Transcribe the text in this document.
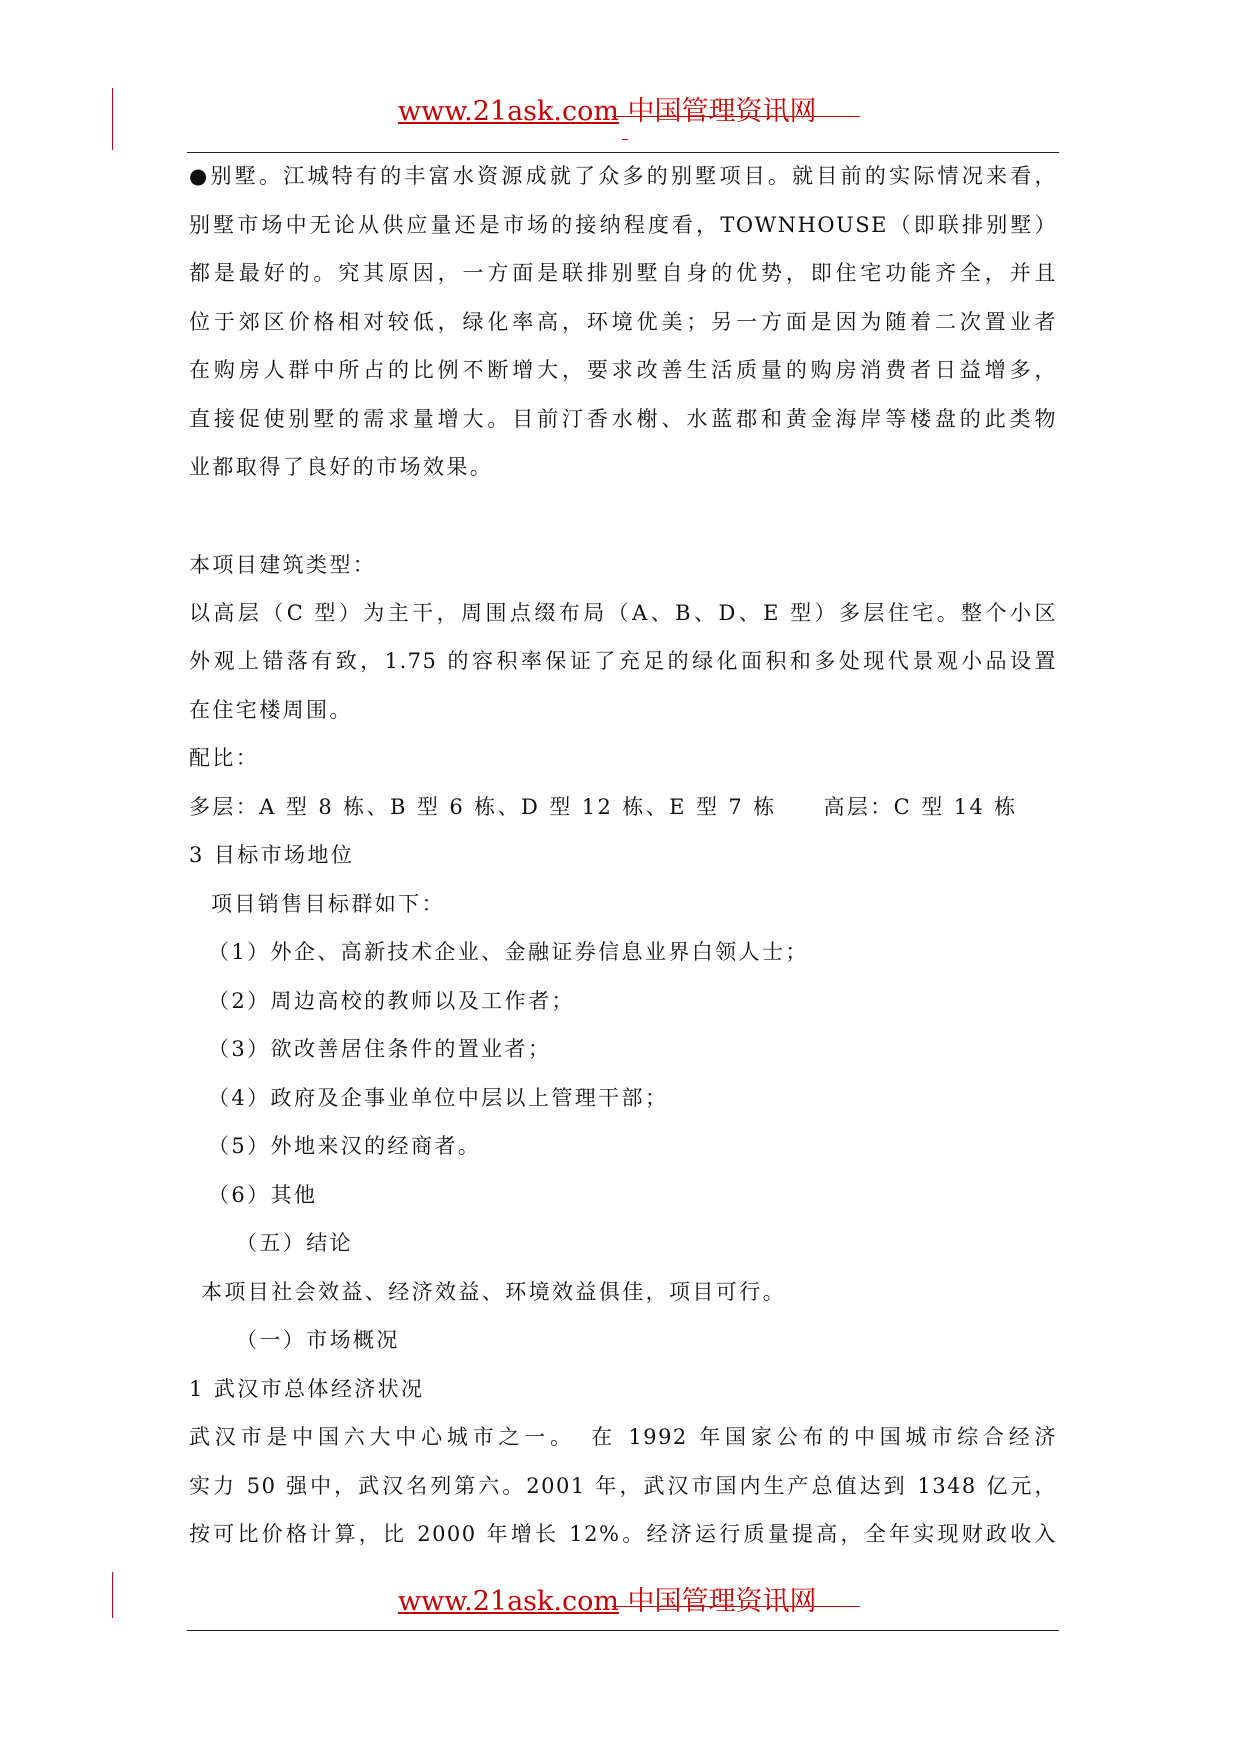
www.21ask.com 中国管理资讯网
●别墅。江城特有的丰富水资源成就了众多的别墅项目。就目前的实际情况来看，
别墅市场中无论从供应量还是市场的接纳程度看，TOWNHOUSE（即联排别墅）
都是最好的。究其原因，一方面是联排别墅自身的优势，即住宅功能齐全，并且
位于郊区价格相对较低，绿化率高，环境优美；另一方面是因为随着二次置业者
在购房人群中所占的比例不断增大，要求改善生活质量的购房消费者日益增多，
直接促使别墅的需求量增大。目前汀香水榭、水蓝郡和黄金海岸等楼盘的此类物
业都取得了良好的市场效果。
本项目建筑类型：
以高层（C 型）为主干，周围点缀布局（A、B、D、E 型）多层住宅。整个小区
外观上错落有致，1.75 的容积率保证了充足的绿化面积和多处现代景观小品设置
在住宅楼周围。
配比：
多层：A 型 8 栋、B 型 6 栋、D 型 12 栋、E 型 7 栋　　高层：C 型 14 栋
3 目标市场地位
项目销售目标群如下：
（1）外企、高新技术企业、金融证券信息业界白领人士；
（2）周边高校的教师以及工作者；
（3）欲改善居住条件的置业者；
（4）政府及企事业单位中层以上管理干部；
（5）外地来汉的经商者。
（6）其他
（五）结论
本项目社会效益、经济效益、环境效益俱佳，项目可行。
（一）市场概况
1 武汉市总体经济状况
武汉市是中国六大中心城市之一。　在 1992 年国家公布的中国城市综合经济
实力 50 强中，武汉名列第六。2001 年，武汉市国内生产总值达到 1348 亿元，
按可比价格计算，比 2000 年增长 12%。经济运行质量提高，全年实现财政收入
www.21ask.com 中国管理资讯网
